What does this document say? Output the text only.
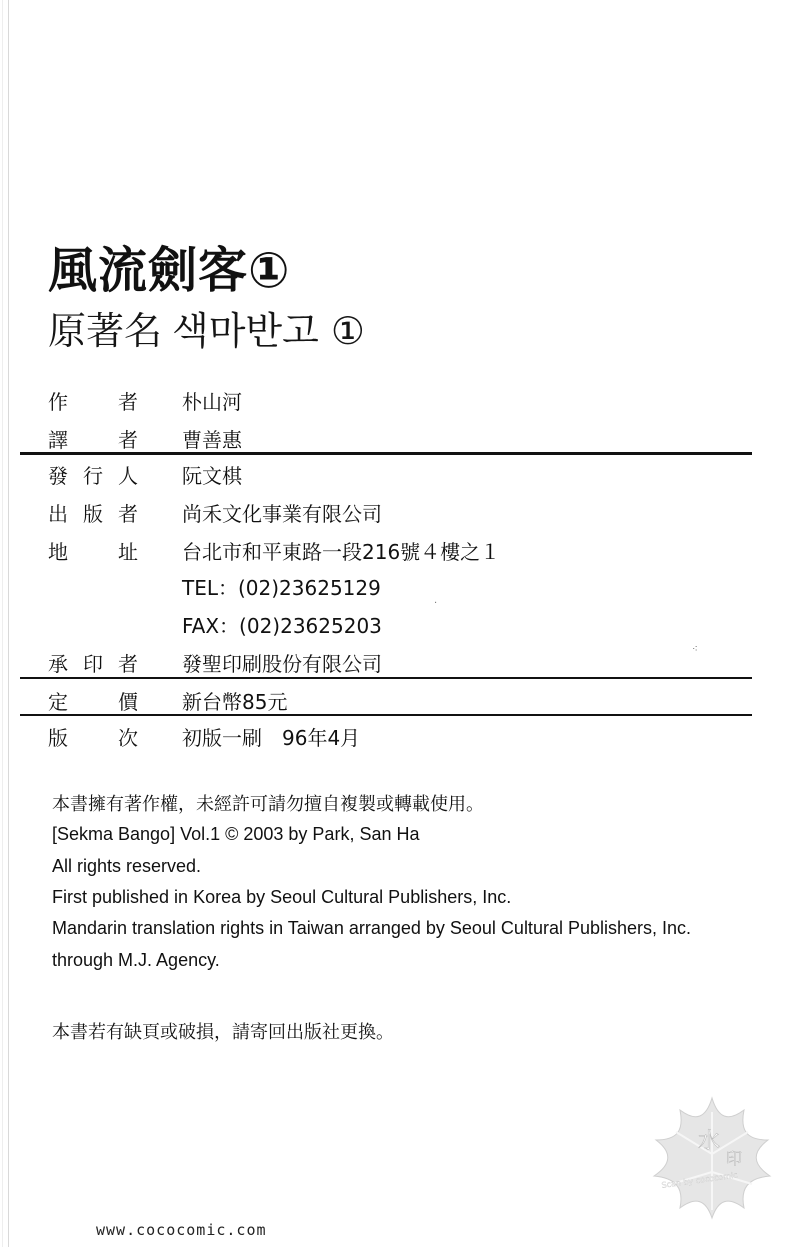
風流劍客①
原著名 색마반고 ①
作	者 朴山河
譯	者 曹善惠
發 行 人 阮文棋
出 版 者 尚禾文化事業有限公司
地	址 台北市和平東路一段216號４樓之１
TEL：(02)23625129
FAX：(02)23625203
承 印 者 發聖印刷股份有限公司
定	價 新台幣85元
版	次 初版一刷　96年4月
本書擁有著作權，未經許可請勿擅自複製或轉載使用。
[Sekma Bango] Vol.1 © 2003 by Park, San Ha
All rights reserved.
First published in Korea by Seoul Cultural Publishers, Inc.
Mandarin translation rights in Taiwan arranged by Seoul Cultural Publishers, Inc.
through M.J. Agency.
本書若有缺頁或破損，請寄回出版社更換。
·
⁖
水
印
Scan by cococomic
www.cococomic.com
